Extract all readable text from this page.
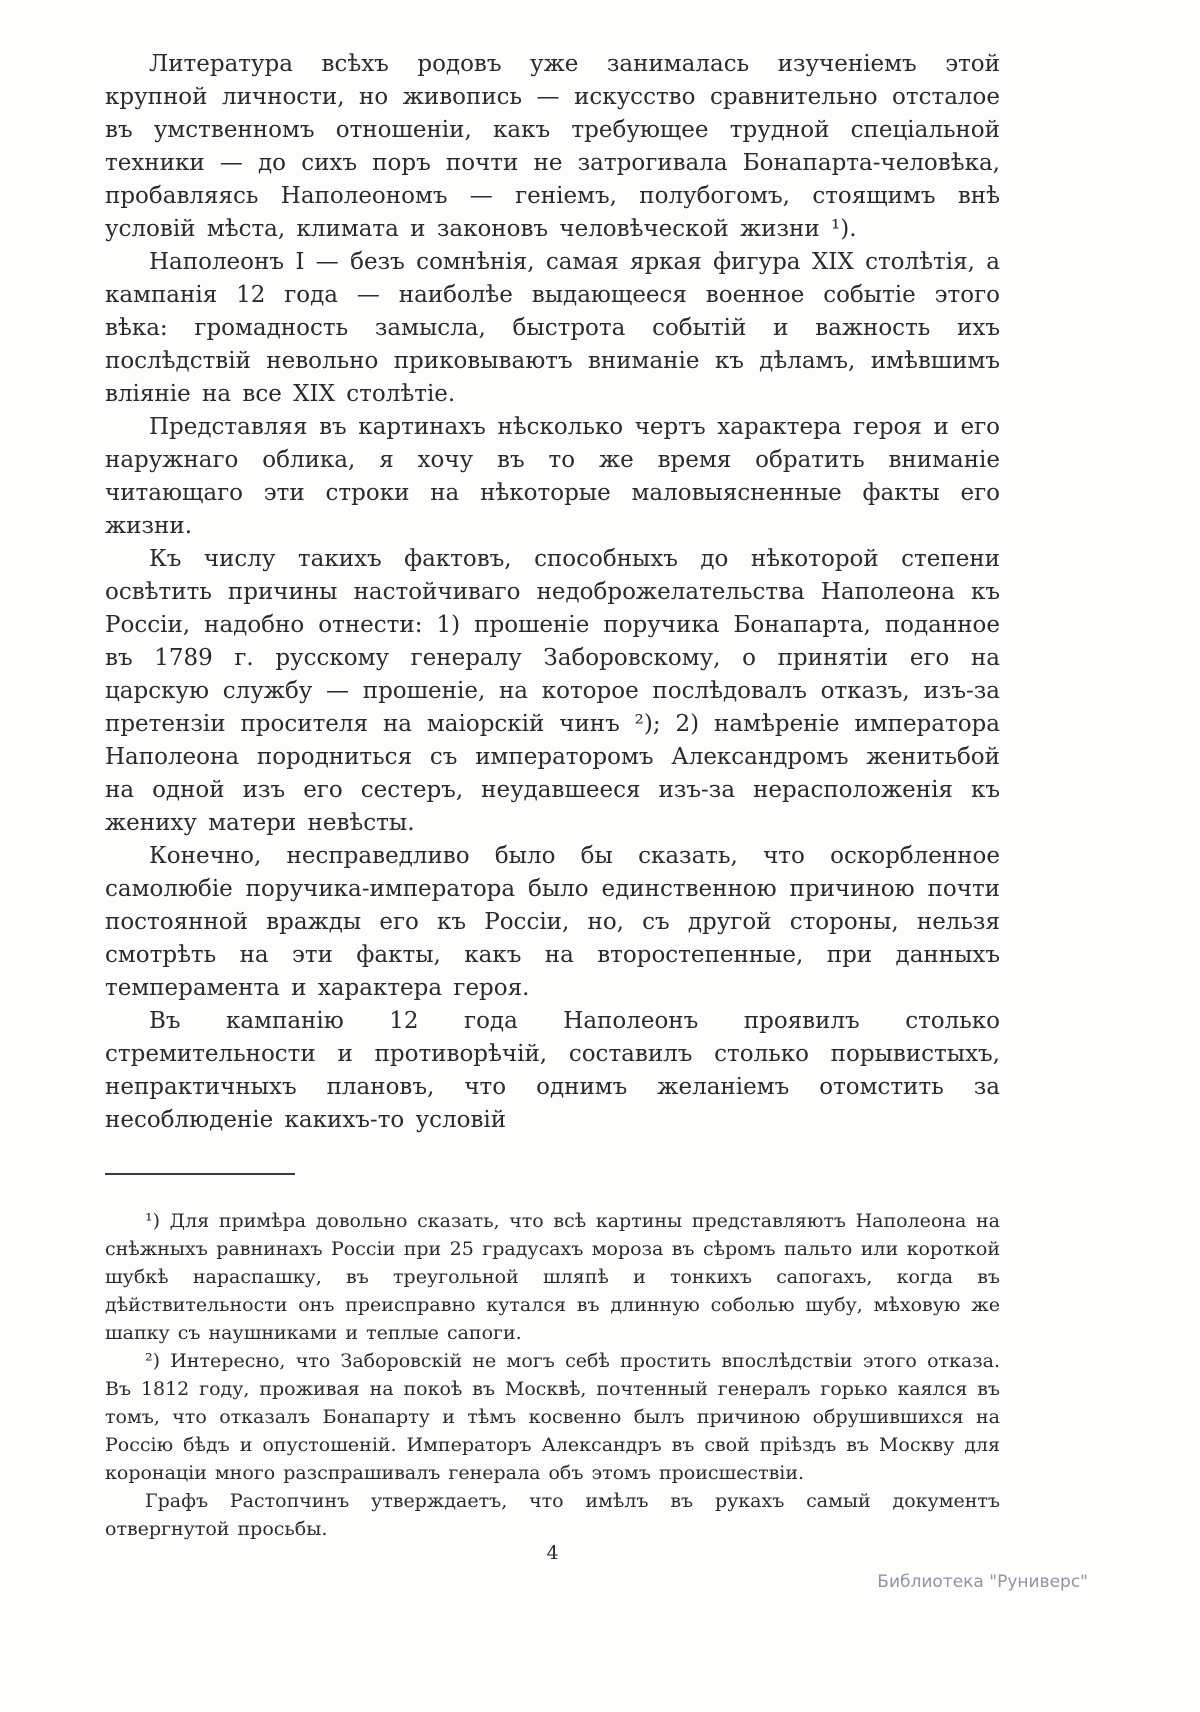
Литература всѣхъ родовъ уже занималась изученіемъ этой крупной личности, но живопись — искусство сравнительно отсталое въ умственномъ отношеніи, какъ требующее трудной спеціальной техники — до сихъ поръ почти не затрогивала Бонапарта-человѣка, пробавляясь Наполеономъ — геніемъ, полубогомъ, стоящимъ внѣ условій мѣста, климата и законовъ человѣческой жизни ¹).

Наполеонъ I — безъ сомнѣнія, самая яркая фигура XIX столѣтія, а кампанія 12 года — наиболѣе выдающееся военное событіе этого вѣка: громадность замысла, быстрота событій и важность ихъ послѣдствій невольно приковываютъ вниманіе къ дѣламъ, имѣвшимъ вліяніе на все XIX столѣтіе.

Представляя въ картинахъ нѣсколько чертъ характера героя и его наружнаго облика, я хочу въ то же время обратить вниманіе читающаго эти строки на нѣкоторые маловыясненные факты его жизни.

Къ числу такихъ фактовъ, способныхъ до нѣкоторой степени освѣтить причины настойчиваго недоброжелательства Наполеона къ Россіи, надобно отнести: 1) прошеніе поручика Бонапарта, поданное въ 1789 г. русскому генералу Заборовскому, о принятіи его на царскую службу — прошеніе, на которое послѣдовалъ отказъ, изъ-за претензіи просителя на маіорскій чинъ ²); 2) намѣреніе императора Наполеона породниться съ императоромъ Александромъ женитьбой на одной изъ его сестеръ, неудавшееся изъ-за нерасположенія къ жениху матери невѣсты.

Конечно, несправедливо было бы сказать, что оскорбленное самолюбіе поручика-императора было единственною причиною почти постоянной вражды его къ Россіи, но, съ другой стороны, нельзя смотрѣть на эти факты, какъ на второстепенные, при данныхъ темперамента и характера героя.

Въ кампанію 12 года Наполеонъ проявилъ столько стремительности и противорѣчій, составилъ столько порывистыхъ, непрактичныхъ плановъ, что однимъ желаніемъ отомстить за несоблюденіе какихъ-то условій

¹) Для примѣра довольно сказать, что всѣ картины представляютъ Наполеона на снѣжныхъ равнинахъ Россіи при 25 градусахъ мороза въ сѣромъ пальто или короткой шубкѣ нараспашку, въ треугольной шляпѣ и тонкихъ сапогахъ, когда въ дѣйствительности онъ преисправно кутался въ длинную соболью шубу, мѣховую же шапку съ наушниками и теплые сапоги.

²) Интересно, что Заборовскій не могъ себѣ простить впослѣдствіи этого отказа. Въ 1812 году, проживая на покоѣ въ Москвѣ, почтенный генералъ горько каялся въ томъ, что отказалъ Бонапарту и тѣмъ косвенно былъ причиною обрушившихся на Россію бѣдъ и опустошеній. Императоръ Александръ въ свой пріѣздъ въ Москву для коронаціи много разспрашивалъ генерала объ этомъ происшествіи.

Графъ Растопчинъ утверждаетъ, что имѣлъ въ рукахъ самый документъ отвергнутой просьбы.

4
Библиотека "Руниверс"
